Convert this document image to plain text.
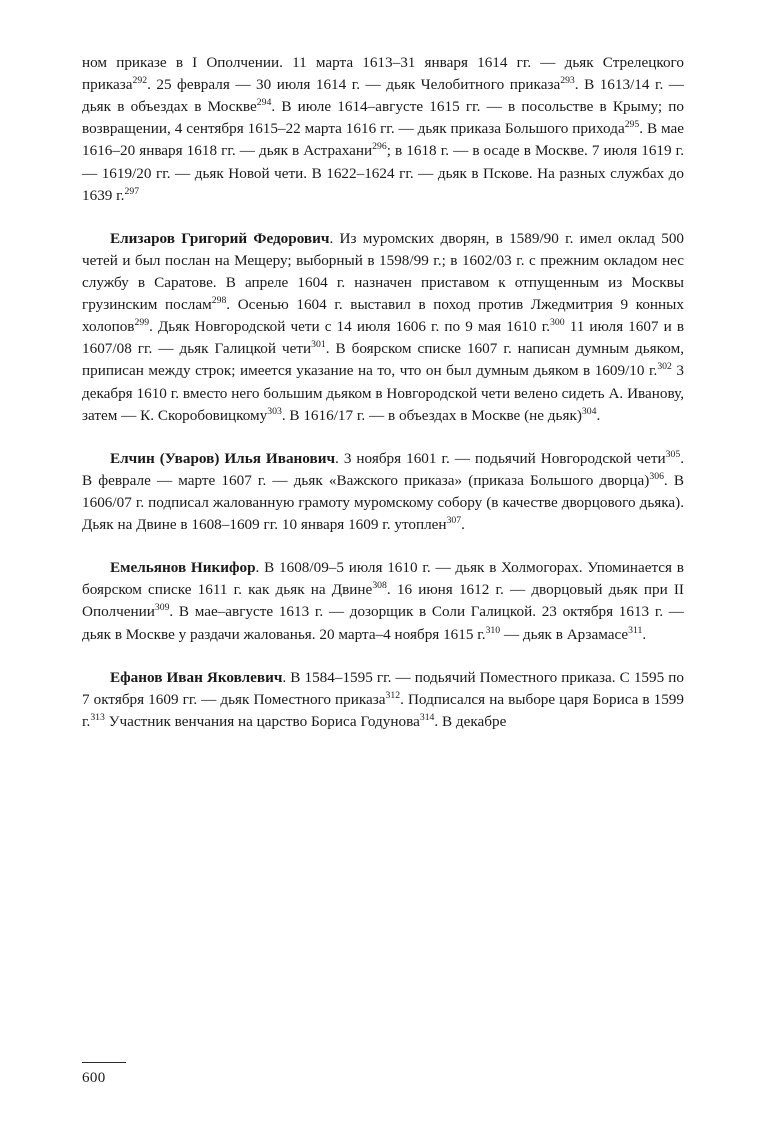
ном приказе в I Ополчении. 11 марта 1613–31 января 1614 гг. — дьяк Стрелецкого приказа$^{292}$. 25 февраля — 30 июля 1614 г. — дьяк Челобитного приказа$^{293}$. В 1613/14 г. — дьяк в объездах в Москве$^{294}$. В июле 1614–августе 1615 гг. — в посольстве в Крыму; по возвращении, 4 сентября 1615–22 марта 1616 гг. — дьяк приказа Большого прихода$^{295}$. В мае 1616–20 января 1618 гг. — дьяк в Астрахани$^{296}$; в 1618 г. — в осаде в Москве. 7 июля 1619 г. — 1619/20 гг. — дьяк Новой чети. В 1622–1624 гг. — дьяк в Пскове. На разных службах до 1639 г.$^{297}$

Елизаров Григорий Федорович. Из муромских дворян, в 1589/90 г. имел оклад 500 четей и был послан на Мещеру; выборный в 1598/99 г.; в 1602/03 г. с прежним окладом нес службу в Саратове. В апреле 1604 г. назначен приставом к отпущенным из Москвы грузинским послам$^{298}$. Осенью 1604 г. выставил в поход против Лжедмитрия 9 конных холопов$^{299}$. Дьяк Новгородской чети с 14 июля 1606 г. по 9 мая 1610 г.$^{300}$ 11 июля 1607 и в 1607/08 гг. — дьяк Галицкой чети$^{301}$. В боярском списке 1607 г. написан думным дьяком, приписан между строк; имеется указание на то, что он был думным дьяком в 1609/10 г.$^{302}$ 3 декабря 1610 г. вместо него большим дьяком в Новгородской чети велено сидеть А. Иванову, затем — К. Скоробовицкому$^{303}$. В 1616/17 г. — в объездах в Москве (не дьяк)$^{304}$.

Елчин (Уваров) Илья Иванович. 3 ноября 1601 г. — подьячий Новгородской чети$^{305}$. В феврале — марте 1607 г. — дьяк «Важского приказа» (приказа Большого дворца)$^{306}$. В 1606/07 г. подписал жалованную грамоту муромскому собору (в качестве дворцового дьяка). Дьяк на Двине в 1608–1609 гг. 10 января 1609 г. утоплен$^{307}$.

Емельянов Никифор. В 1608/09–5 июля 1610 г. — дьяк в Холмогорах. Упоминается в боярском списке 1611 г. как дьяк на Двине$^{308}$. 16 июня 1612 г. — дворцовый дьяк при II Ополчении$^{309}$. В мае–августе 1613 г. — дозорщик в Соли Галицкой. 23 октября 1613 г. — дьяк в Москве у раздачи жалованья. 20 марта–4 ноября 1615 г.$^{310}$ — дьяк в Арзамасе$^{311}$.

Ефанов Иван Яковлевич. В 1584–1595 гг. — подьячий Поместного приказа. С 1595 по 7 октября 1609 гг. — дьяк Поместного приказа$^{312}$. Подписался на выборе царя Бориса в 1599 г.$^{313}$ Участник венчания на царство Бориса Годунова$^{314}$. В декабре

600
